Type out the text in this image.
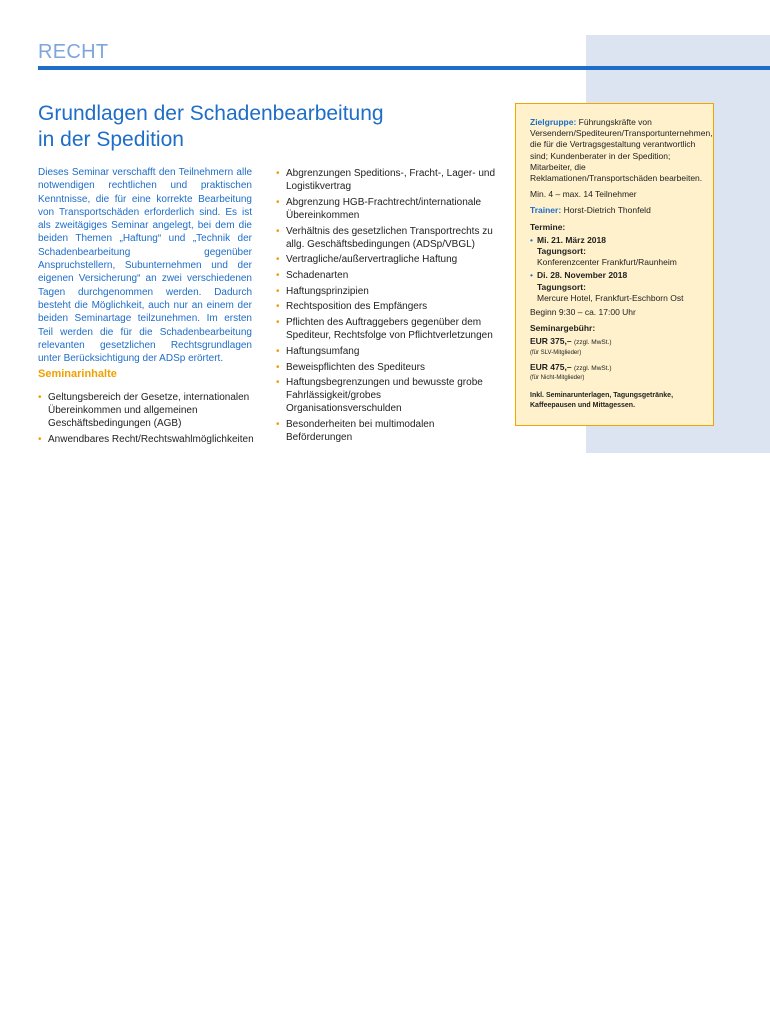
RECHT
Grundlagen der Schadenbearbeitung
in der Spedition

Dieses Seminar verschafft den Teilnehmern alle notwendigen rechtlichen und praktischen Kenntnisse, die für eine korrekte Bearbeitung von Transportschäden erforderlich sind. Es ist als zweitägiges Seminar angelegt, bei dem die beiden Themen „Haftung“ und „Technik der Schadenbearbeitung gegenüber Anspruchstellern, Subunternehmen und der eigenen Versicherung“ an zwei verschiedenen Tagen durchgenommen werden. Dadurch besteht die Möglichkeit, auch nur an einem der beiden Seminartage teilzunehmen. Im ersten Teil werden die für die Schadenbearbeitung relevanten gesetzlichen Rechtsgrundlagen unter Berücksichtigung der ADSp erörtert.

Seminarinhalte
• Geltungsbereich der Gesetze, internationalen Übereinkommen und allgemeinen Geschäftsbedingungen (AGB)
• Anwendbares Recht/Rechtswahlmöglichkeiten
• Abgrenzungen Speditions-, Fracht-, Lager- und Logistikvertrag
• Abgrenzung HGB-Frachtrecht/internationale Übereinkommen
• Verhältnis des gesetzlichen Transportrechts zu allg. Geschäftsbedingungen (ADSp/VBGL)
• Vertragliche/außervertragliche Haftung
• Schadenarten
• Haftungsprinzipien
• Rechtsposition des Empfängers
• Pflichten des Auftraggebers gegenüber dem Spediteur, Rechtsfolge von Pflichtverletzungen
• Haftungsumfang
• Beweispflichten des Spediteurs
• Haftungsbegrenzungen und bewusste grobe Fahrlässigkeit/grobes Organisationsverschulden
• Besonderheiten bei multimodalen Beförderungen

Zielgruppe: Führungskräfte von Versendern/Spediteuren/Transportunternehmen, die für die Vertragsgestaltung verantwortlich sind; Kundenberater in der Spedition; Mitarbeiter, die Reklamationen/Transportschäden bearbeiten.

Min. 4 – max. 14 Teilnehmer

Trainer: Horst-Dietrich Thonfeld

Termine:

• Mi. 21. März 2018

Tagungsort:

Konferenzcenter Frankfurt/Raunheim

• Di. 28. November 2018

Tagungsort:

Mercure Hotel, Frankfurt-Eschborn Ost

Beginn 9:30 – ca. 17:00 Uhr

Seminargebühr:

EUR 375,– (zzgl. MwSt.)

(für SLV-Mitglieder)

EUR 475,– (zzgl. MwSt.)

(für Nicht-Mitglieder)

Inkl. Seminarunterlagen, Tagungsgetränke, Kaffeepausen und Mittagessen.
